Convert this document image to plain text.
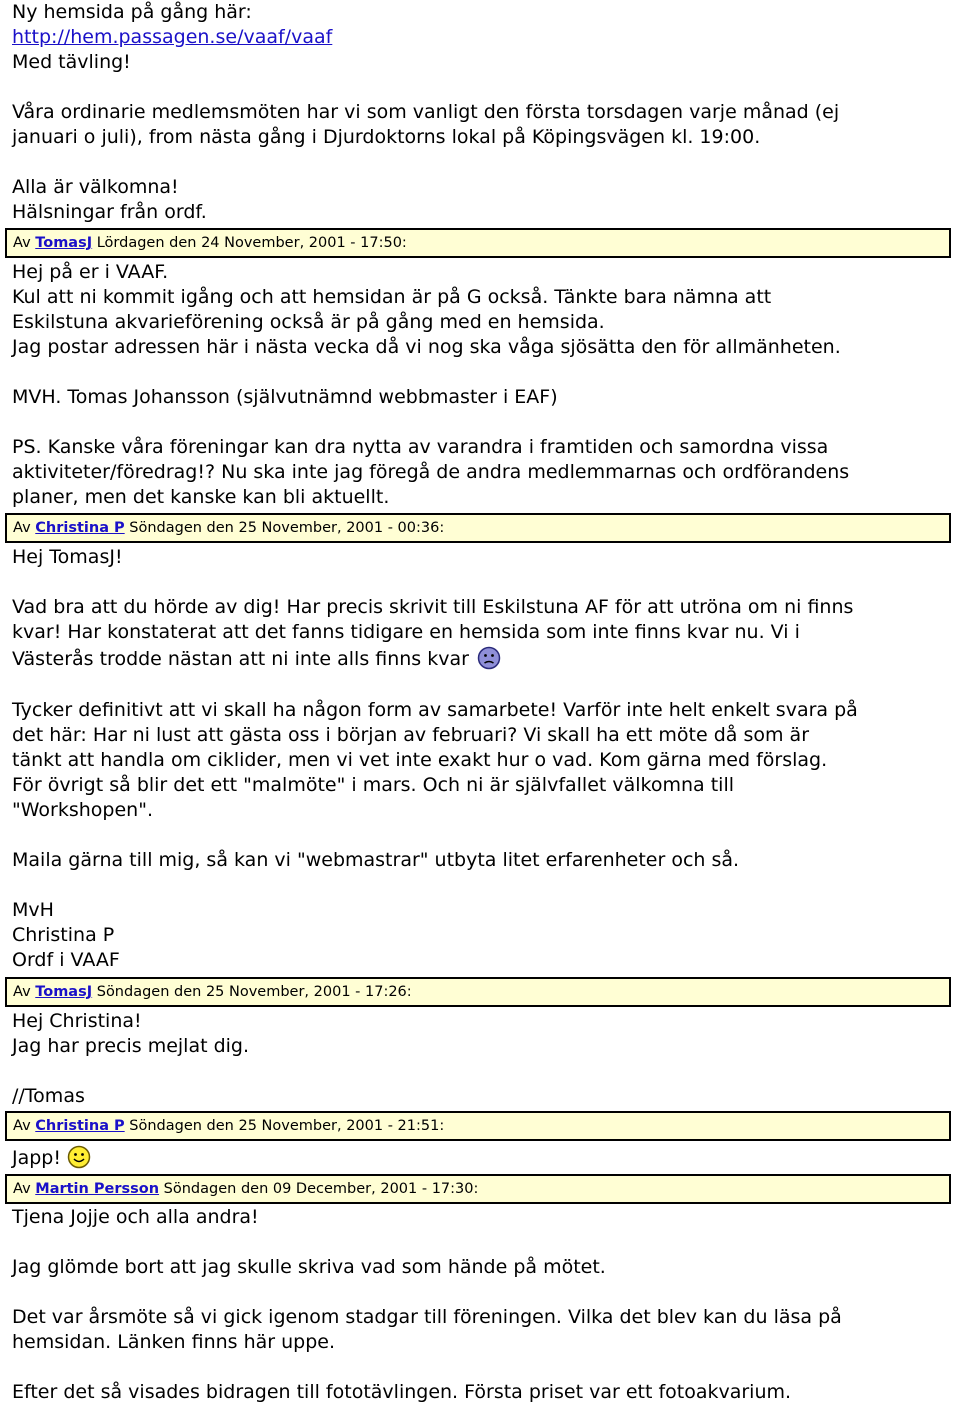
Ny hemsida på gång här:
http://hem.passagen.se/vaaf/vaaf
Med tävling!
Våra ordinarie medlemsmöten har vi som vanligt den första torsdagen varje månad (ej
januari o juli), from nästa gång i Djurdoktorns lokal på Köpingsvägen kl. 19:00.
Alla är välkomna!
Hälsningar från ordf.
Av TomasJ Lördagen den 24 November, 2001 - 17:50:
Hej på er i VAAF.
Kul att ni kommit igång och att hemsidan är på G också. Tänkte bara nämna att
Eskilstuna akvarieförening också är på gång med en hemsida.
Jag postar adressen här i nästa vecka då vi nog ska våga sjösätta den för allmänheten.
MVH. Tomas Johansson (självutnämnd webbmaster i EAF)
PS. Kanske våra föreningar kan dra nytta av varandra i framtiden och samordna vissa
aktiviteter/föredrag!? Nu ska inte jag föregå de andra medlemmarnas och ordförandens
planer, men det kanske kan bli aktuellt.
Av Christina P Söndagen den 25 November, 2001 - 00:36:
Hej TomasJ!
Vad bra att du hörde av dig! Har precis skrivit till Eskilstuna AF för att utröna om ni finns
kvar! Har konstaterat att det fanns tidigare en hemsida som inte finns kvar nu. Vi i
Västerås trodde nästan att ni inte alls finns kvar
Tycker definitivt att vi skall ha någon form av samarbete! Varför inte helt enkelt svara på
det här: Har ni lust att gästa oss i början av februari? Vi skall ha ett möte då som är
tänkt att handla om ciklider, men vi vet inte exakt hur o vad. Kom gärna med förslag.
För övrigt så blir det ett "malmöte" i mars. Och ni är självfallet välkomna till
"Workshopen".
Maila gärna till mig, så kan vi "webmastrar" utbyta litet erfarenheter och så.
MvH
Christina P
Ordf i VAAF
Av TomasJ Söndagen den 25 November, 2001 - 17:26:
Hej Christina!
Jag har precis mejlat dig.
//Tomas
Av Christina P Söndagen den 25 November, 2001 - 21:51:
Japp!
Av Martin Persson Söndagen den 09 December, 2001 - 17:30:
Tjena Jojje och alla andra!
Jag glömde bort att jag skulle skriva vad som hände på mötet.
Det var årsmöte så vi gick igenom stadgar till föreningen. Vilka det blev kan du läsa på
hemsidan. Länken finns här uppe.
Efter det så visades bidragen till fototävlingen. Första priset var ett fotoakvarium.
